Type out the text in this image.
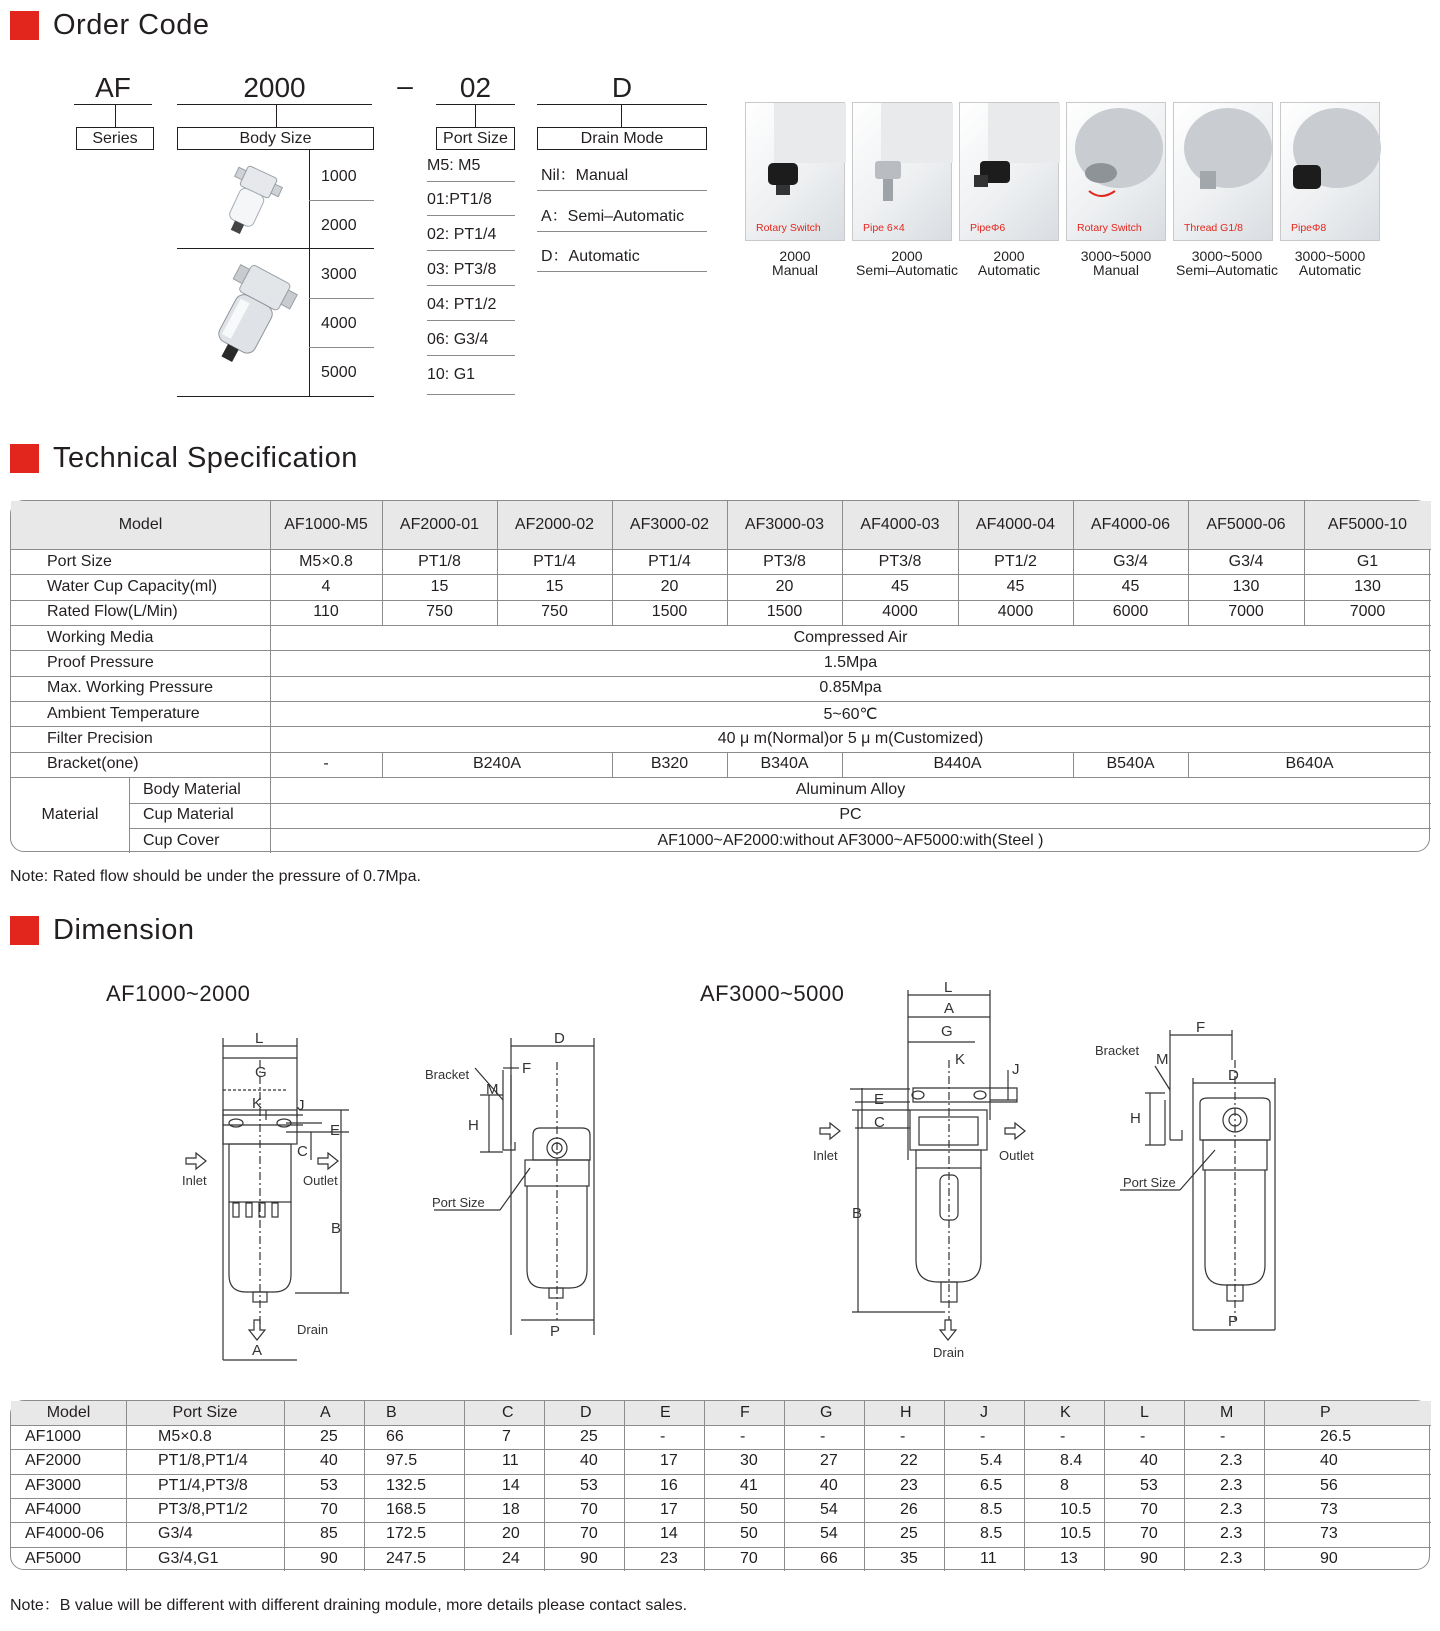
Order Code
AF	2000	–	02	D
Series	Body Size	Port Size	Drain Mode
1000
2000
3000
4000
5000
M5: M5
01:PT1/8
02: PT1/4
03: PT3/8
04: PT1/2
06: G3/4
10: G1
Nil：Manual
A：Semi–Automatic
D：Automatic
Rotary Switch	Pipe 6×4	PipeΦ6	Rotary Switch	Thread G1/8	PipeΦ8
2000
Manual
2000
Semi–Automatic
2000
Automatic
3000~5000
Manual
3000~5000
Semi–Automatic
3000~5000
Automatic
Technical Specification
Model	AF1000-M5	AF2000-01	AF2000-02	AF3000-02	AF3000-03	AF4000-03	AF4000-04	AF4000-06	AF5000-06	AF5000-10
Port Size	M5×0.8	PT1/8	PT1/4	PT1/4	PT3/8	PT3/8	PT1/2	G3/4	G3/4	G1
Water Cup Capacity(ml)	4	15	15	20	20	45	45	45	130	130
Rated Flow(L/Min)	110	750	750	1500	1500	4000	4000	6000	7000	7000
Working Media	Compressed Air
Proof Pressure	1.5Mpa
Max. Working Pressure	0.85Mpa
Ambient Temperature	5~60℃
Filter Precision	40 μ m(Normal)or 5 μ m(Customized)
Bracket(one)	-	B240A	B320	B340A	B440A	B540A	B640A
Material
Body Material	Aluminum Alloy
Cup Material	PC
Cup Cover	AF1000~AF2000:without AF3000~AF5000:with(Steel )
Note: Rated flow should be under the pressure of 0.7Mpa.
Dimension
AF1000~2000	AF3000~5000
L
G
K J
E
C
B
A
Inlet	Outlet
Drain
D
F
M
H
P
Bracket
Port Size
L
A
G
K
J
E
C
B
Inlet	Outlet
Drain
F
D
M
H
P
Bracket
Port Size
Model	Port Size	A	B	C	D	E	F	G	H	J	K	L	M	P
AF1000	M5×0.8	25	66	7	25	-	-	-	-	-	-	-	-	26.5
AF2000	PT1/8,PT1/4	40	97.5	11	40	17	30	27	22	5.4	8.4	40	2.3	40
AF3000	PT1/4,PT3/8	53	132.5	14	53	16	41	40	23	6.5	8	53	2.3	56
AF4000	PT3/8,PT1/2	70	168.5	18	70	17	50	54	26	8.5	10.5	70	2.3	73
AF4000-06	G3/4	85	172.5	20	70	14	50	54	25	8.5	10.5	70	2.3	73
AF5000	G3/4,G1	90	247.5	24	90	23	70	66	35	11	13	90	2.3	90
Note：B value will be different with different draining module, more details please contact sales.
